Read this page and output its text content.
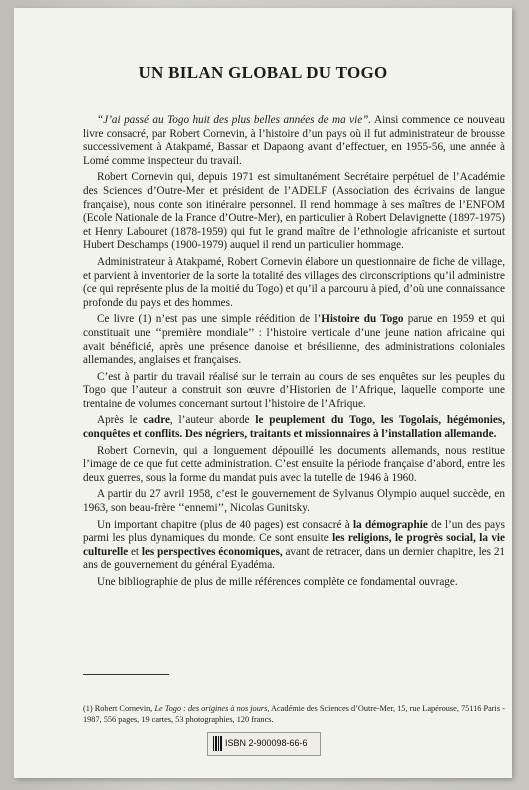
UN BILAN GLOBAL DU TOGO

“J’ai passé au Togo huit des plus belles années de ma vie”. Ainsi commence ce nouveau livre consacré, par Robert Cornevin, à l’histoire d’un pays où il fut administrateur de brousse successivement à Atakpamé, Bassar et Dapaong avant d’effectuer, en 1955-56, une année à Lomé comme inspecteur du travail.

Robert Cornevin qui, depuis 1971 est simultanément Secrétaire perpétuel de l’Académie des Sciences d’Outre-Mer et président de l’ADELF (Association des écrivains de langue française), nous conte son itinéraire personnel. Il rend hommage à ses maîtres de l’ENFOM (Ecole Nationale de la France d’Outre-Mer), en particulier à Robert Delavignette (1897-1975) et Henry Labouret (1878-1959) qui fut le grand maître de l’ethnologie africaniste et surtout Hubert Deschamps (1900-1979) auquel il rend un particulier hommage.

Administrateur à Atakpamé, Robert Cornevin élabore un questionnaire de fiche de village, et parvient à inventorier de la sorte la totalité des villages des circonscriptions qu’il administre (ce qui représente plus de la moitié du Togo) et qu’il a parcouru à pied, d’où une connaissance profonde du pays et des hommes.

Ce livre (1) n’est pas une simple réédition de l’Histoire du Togo parue en 1959 et qui constituait une ‘‘première mondiale’’ : l’histoire verticale d’une jeune nation africaine qui avait bénéficié, après une présence danoise et brésilienne, des administrations coloniales allemandes, anglaises et françaises.

C’est à partir du travail réalisé sur le terrain au cours de ses enquêtes sur les peuples du Togo que l’auteur a construit son œuvre d’Historien de l’Afrique, laquelle comporte une trentaine de volumes concernant surtout l’histoire de l’Afrique.

Après le cadre, l’auteur aborde le peuplement du Togo, les Togolais, hégémonies, conquêtes et conflits. Des négriers, traitants et missionnaires à l’installation allemande.

Robert Cornevin, qui a longuement dépouillé les documents allemands, nous restitue l’image de ce que fut cette administration. C’est ensuite la période française d’abord, entre les deux guerres, sous la forme du mandat puis avec la tutelle de 1946 à 1960.

A partir du 27 avril 1958, c’est le gouvernement de Sylvanus Olympio auquel succède, en 1963, son beau-frère ‘‘ennemi’’, Nicolas Gunitsky.

Un important chapitre (plus de 40 pages) est consacré à la démographie de l’un des pays parmi les plus dynamiques du monde. Ce sont ensuite les religions, le progrès social, la vie culturelle et les perspectives économiques, avant de retracer, dans un dernier chapitre, les 21 ans de gouvernement du général Eyadéma.

Une bibliographie de plus de mille références complète ce fondamental ouvrage.

(1) Robert Cornevin, Le Togo : des origines à nos jours, Académie des Sciences d’Outre-Mer, 15, rue Lapérouse, 75116 Paris - 1987, 556 pages, 19 cartes, 53 photographies, 120 francs.
ISBN 2-900098-66-6
